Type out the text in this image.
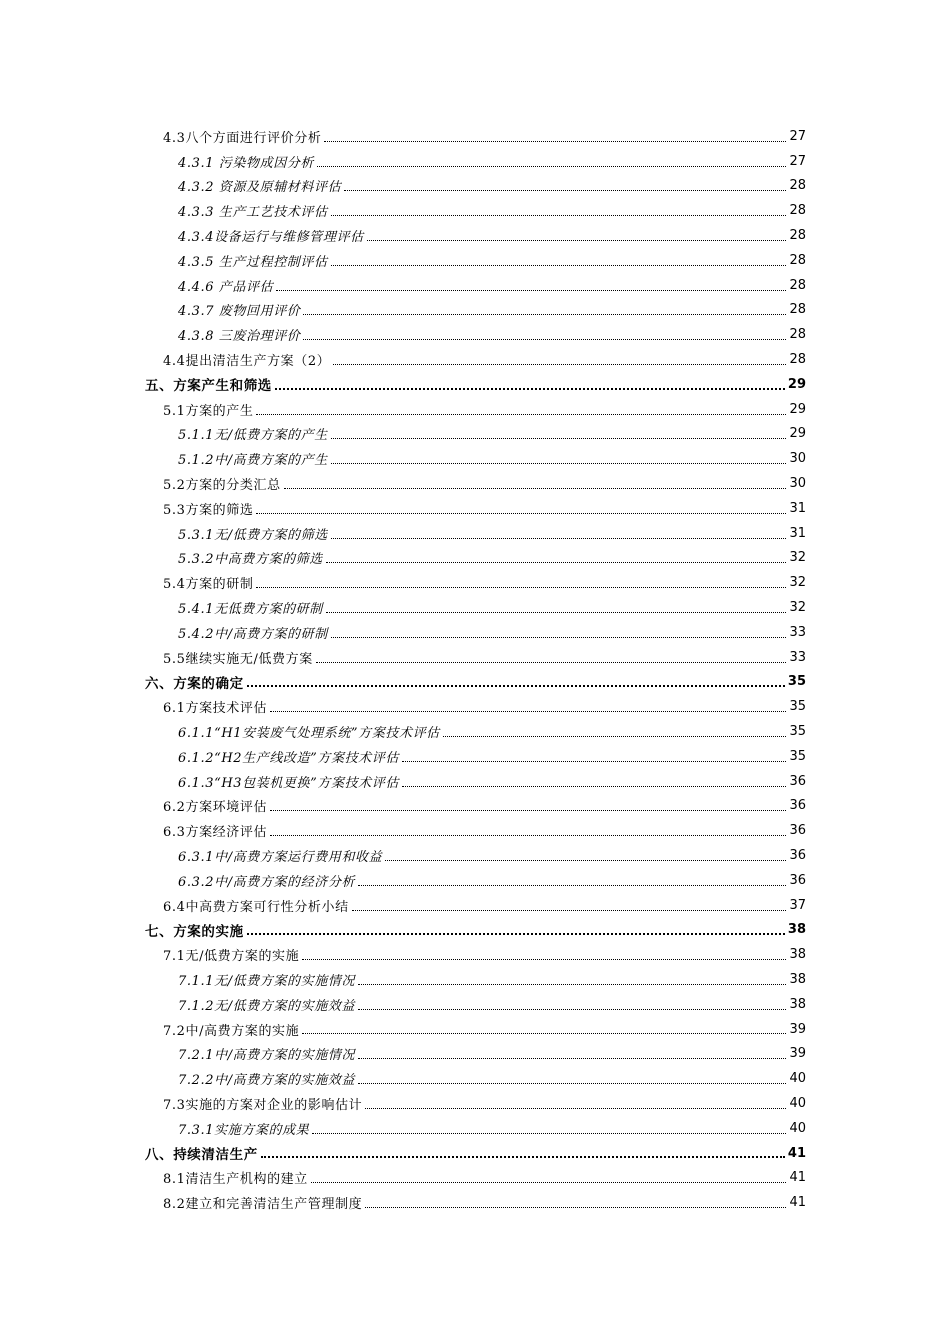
4.3八个方面进行评价分析	27
4.3.1 污染物成因分析	27
4.3.2 资源及原辅材料评估	28
4.3.3 生产工艺技术评估	28
4.3.4设备运行与维修管理评估	28
4.3.5 生产过程控制评估	28
4.4.6 产品评估	28
4.3.7 废物回用评价	28
4.3.8 三废治理评价	28
4.4提出清洁生产方案（2）	28
五、方案产生和筛选	29
5.1方案的产生	29
5.1.1无/低费方案的产生	29
5.1.2中/高费方案的产生	30
5.2方案的分类汇总	30
5.3方案的筛选	31
5.3.1无/低费方案的筛选	31
5.3.2中高费方案的筛选	32
5.4方案的研制	32
5.4.1无低费方案的研制	32
5.4.2中/高费方案的研制	33
5.5继续实施无/低费方案	33
六、方案的确定	35
6.1方案技术评估	35
6.1.1“H1安装废气处理系统”方案技术评估	35
6.1.2“H2生产线改造”方案技术评估	35
6.1.3“H3包装机更换”方案技术评估	36
6.2方案环境评估	36
6.3方案经济评估	36
6.3.1中/高费方案运行费用和收益	36
6.3.2中/高费方案的经济分析	36
6.4中高费方案可行性分析小结	37
七、方案的实施	38
7.1无/低费方案的实施	38
7.1.1无/低费方案的实施情况	38
7.1.2无/低费方案的实施效益	38
7.2中/高费方案的实施	39
7.2.1中/高费方案的实施情况	39
7.2.2中/高费方案的实施效益	40
7.3实施的方案对企业的影响估计	40
7.3.1实施方案的成果	40
八、持续清洁生产	41
8.1清洁生产机构的建立	41
8.2建立和完善清洁生产管理制度	41
